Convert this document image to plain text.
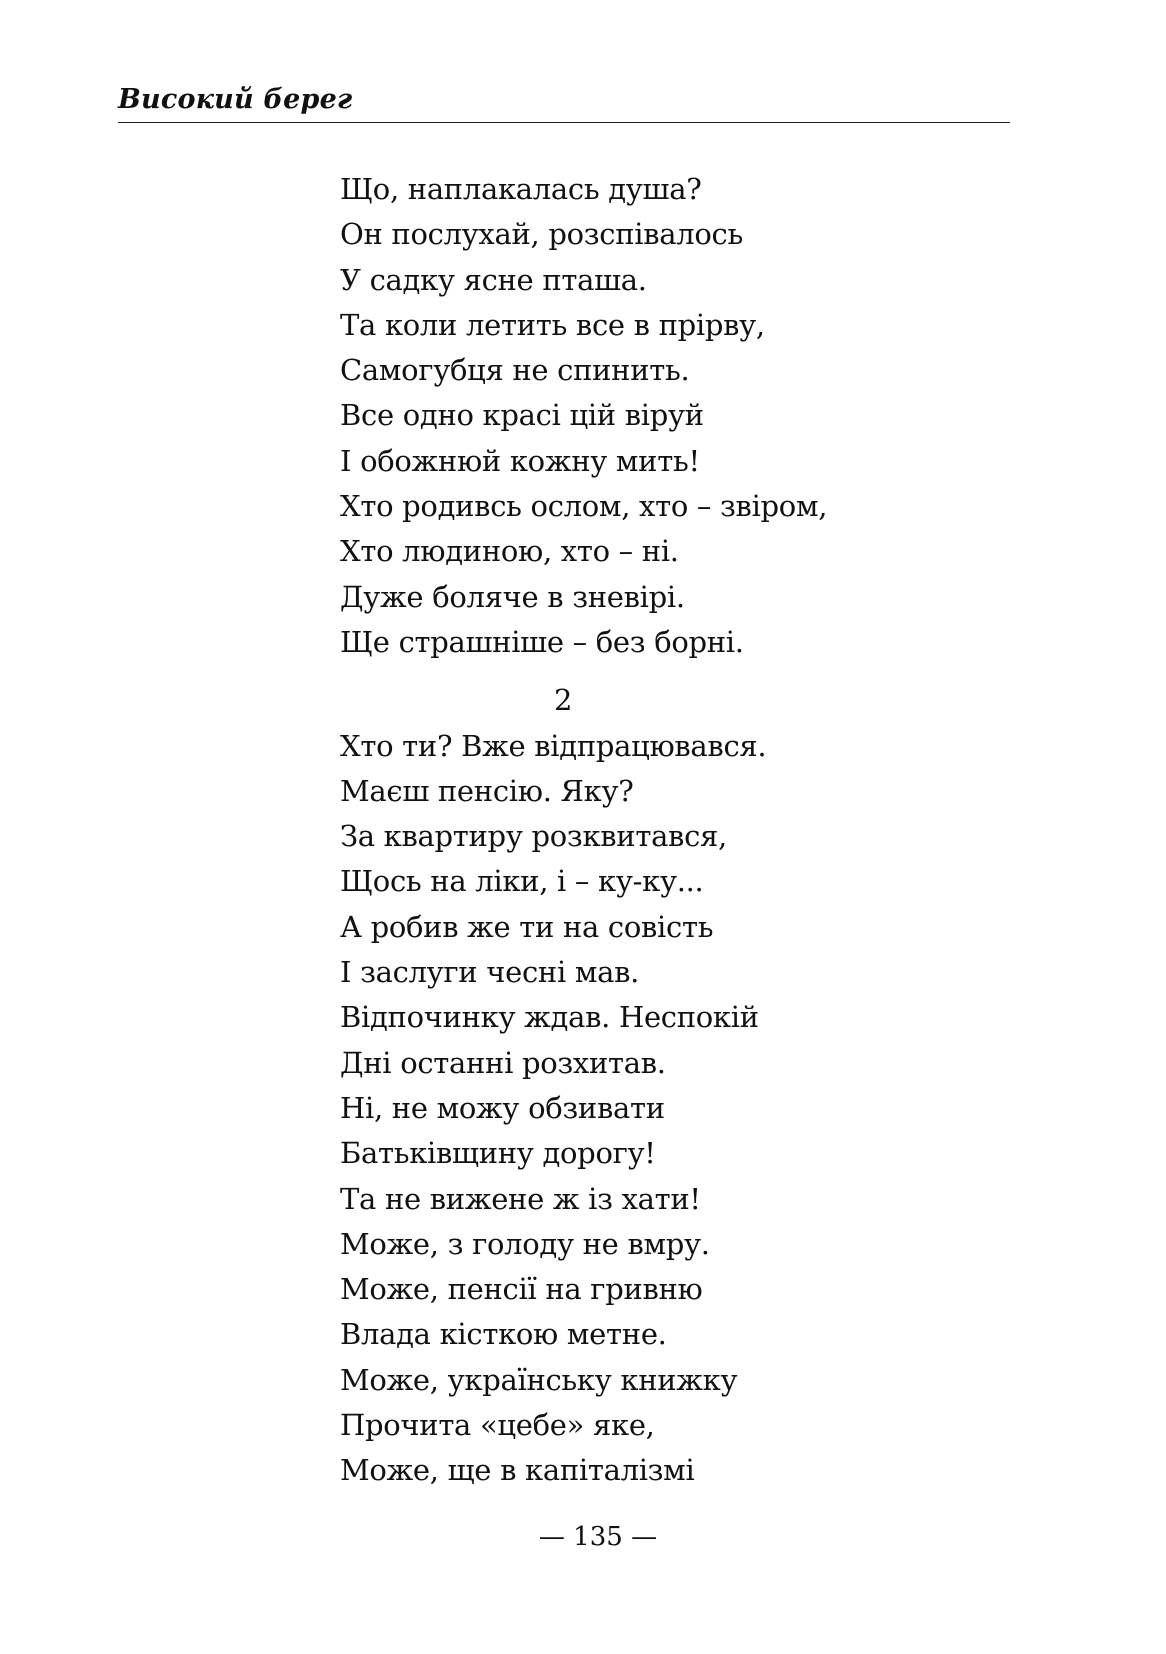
Високий берег
Що, наплакалась душа?
Он послухай, розспівалось
У садку ясне пташа.
Та коли летить все в прірву,
Самогубця не спинить.
Все одно красі цій віруй
І обожнюй кожну мить!
Хто родивсь ослом, хто – звіром,
Хто людиною, хто – ні.
Дуже боляче в зневірі.
Ще страшніше – без борні.
2
Хто ти? Вже відпрацювався.
Маєш пенсію. Яку?
За квартиру розквитався,
Щось на ліки, і – ку-ку...
А робив же ти на совість
І заслуги чесні мав.
Відпочинку ждав. Неспокій
Дні останні розхитав.
Ні, не можу обзивати
Батьківщину дорогу!
Та не вижене ж із хати!
Може, з голоду не вмру.
Може, пенсії на гривню
Влада кісткою метне.
Може, українську книжку
Прочита «цебе» яке,
Може, ще в капіталізмі
— 135 —
